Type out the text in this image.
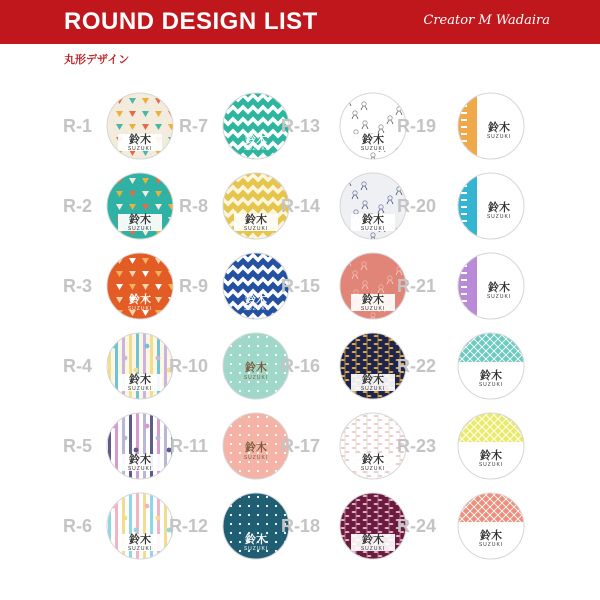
ROUND DESIGN LIST	Creator M Wadaira
丸形デザイン
R-1
鈴木
SUZUKI
R-2
鈴木
SUZUKI
R-3
鈴木
SUZUKI
R-4
鈴木
SUZUKI
R-5
鈴木
SUZUKI
R-6
鈴木
SUZUKI
R-7
鈴木
SUZUKI
R-8
鈴木
SUZUKI
R-9
鈴木
SUZUKI
R-10	鈴木
SUZUKI
R-11	鈴木
SUZUKI
R-12
鈴木
SUZUKI
R-13
鈴木
SUZUKI
R-14
鈴木
SUZUKI
R-15
鈴木
SUZUKI
R-16
鈴木
SUZUKI
R-17
鈴木
SUZUKI
R-18
鈴木
SUZUKI
R-19	鈴木
SUZUKI
R-20	鈴木
SUZUKI
R-21	鈴木
SUZUKI
R-22	鈴木
SUZUKI
R-23	鈴木
SUZUKI
R-24	鈴木
SUZUKI
